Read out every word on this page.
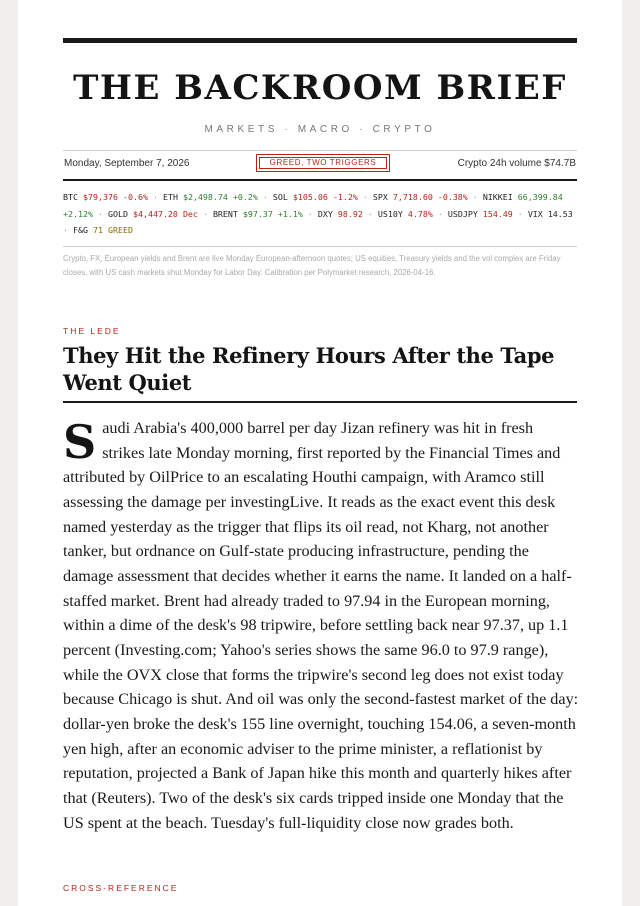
THE BACKROOM BRIEF
MARKETS · MACRO · CRYPTO
Monday, September 7, 2026	GREED, TWO TRIGGERS	Crypto 24h volume $74.7B
BTC $79,376 -0.6% · ETH $2,498.74 +0.2% · SOL $105.06 -1.2% · SPX 7,718.60 -0.38% · NIKKEI 66,399.84 +2.12% · GOLD $4,447.20 Dec · BRENT $97.37 +1.1% · DXY 98.92 · US10Y 4.78% · USDJPY 154.49 · VIX 14.53 · F&G 71 GREED
Crypto, FX, European yields and Brent are live Monday European-afternoon quotes; US equities, Treasury yields and the vol complex are Friday closes, with US cash markets shut Monday for Labor Day. Calibration per Polymarket research, 2026-04-16.
THE LEDE
They Hit the Refinery Hours After the Tape Went Quiet
Saudi Arabia's 400,000 barrel per day Jizan refinery was hit in fresh strikes late Monday morning, first reported by the Financial Times and attributed by OilPrice to an escalating Houthi campaign, with Aramco still assessing the damage per investingLive. It reads as the exact event this desk named yesterday as the trigger that flips its oil read, not Kharg, not another tanker, but ordnance on Gulf-state producing infrastructure, pending the damage assessment that decides whether it earns the name. It landed on a half-staffed market. Brent had already traded to 97.94 in the European morning, within a dime of the desk's 98 tripwire, before settling back near 97.37, up 1.1 percent (Investing.com; Yahoo's series shows the same 96.0 to 97.9 range), while the OVX close that forms the tripwire's second leg does not exist today because Chicago is shut. And oil was only the second-fastest market of the day: dollar-yen broke the desk's 155 line overnight, touching 154.06, a seven-month yen high, after an economic adviser to the prime minister, a reflationist by reputation, projected a Bank of Japan hike this month and quarterly hikes after that (Reuters). Two of the desk's six cards tripped inside one Monday that the US spent at the beach. Tuesday's full-liquidity close now grades both.
CROSS-REFERENCE
